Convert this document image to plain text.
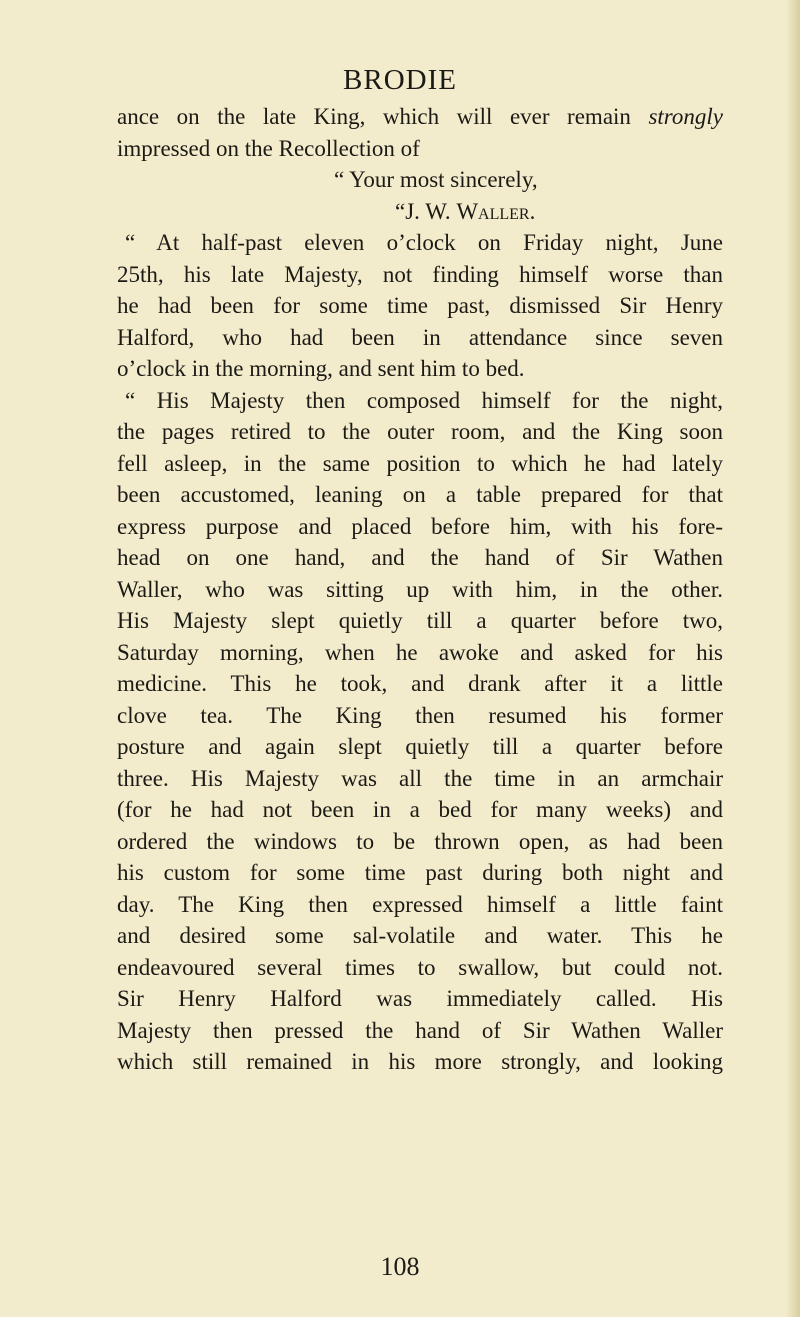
BRODIE
ance on the late King, which will ever remain strongly
impressed on the Recollection of
“ Your most sincerely,
“J. W. Waller.
“ At half-past eleven o’clock on Friday night, June
25th, his late Majesty, not finding himself worse than
he had been for some time past, dismissed Sir Henry
Halford, who had been in attendance since seven
o’clock in the morning, and sent him to bed.
“ His Majesty then composed himself for the night,
the pages retired to the outer room, and the King soon
fell asleep, in the same position to which he had lately
been accustomed, leaning on a table prepared for that
express purpose and placed before him, with his fore-
head on one hand, and the hand of Sir Wathen
Waller, who was sitting up with him, in the other.
His Majesty slept quietly till a quarter before two,
Saturday morning, when he awoke and asked for his
medicine. This he took, and drank after it a little
clove tea. The King then resumed his former
posture and again slept quietly till a quarter before
three. His Majesty was all the time in an armchair
(for he had not been in a bed for many weeks) and
ordered the windows to be thrown open, as had been
his custom for some time past during both night and
day. The King then expressed himself a little faint
and desired some sal-volatile and water. This he
endeavoured several times to swallow, but could not.
Sir Henry Halford was immediately called. His
Majesty then pressed the hand of Sir Wathen Waller
which still remained in his more strongly, and looking
108
